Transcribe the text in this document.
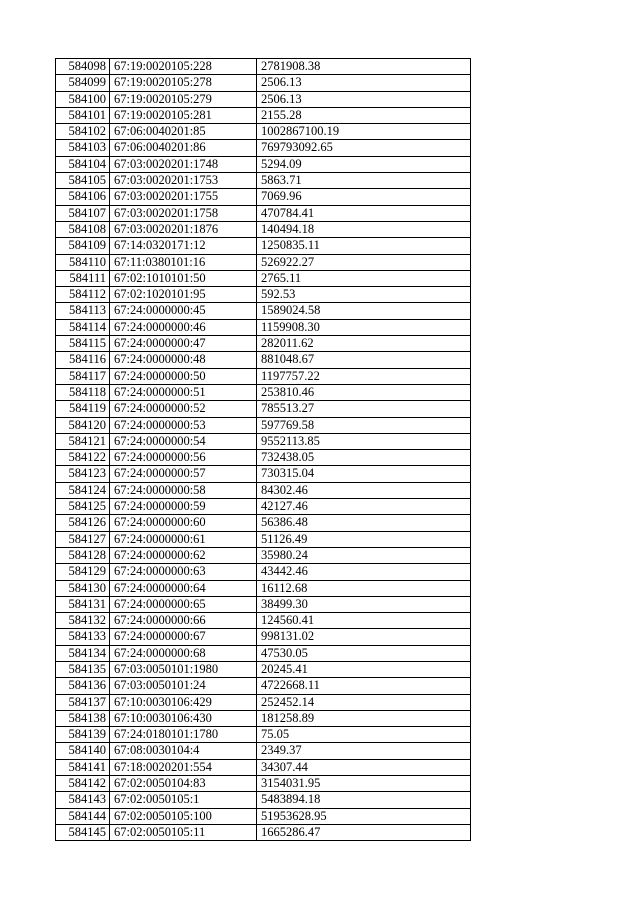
584098	67:19:0020105:228	2781908.38
584099	67:19:0020105:278	2506.13
584100	67:19:0020105:279	2506.13
584101	67:19:0020105:281	2155.28
584102	67:06:0040201:85	1002867100.19
584103	67:06:0040201:86	769793092.65
584104	67:03:0020201:1748	5294.09
584105	67:03:0020201:1753	5863.71
584106	67:03:0020201:1755	7069.96
584107	67:03:0020201:1758	470784.41
584108	67:03:0020201:1876	140494.18
584109	67:14:0320171:12	1250835.11
584110	67:11:0380101:16	526922.27
584111	67:02:1010101:50	2765.11
584112	67:02:1020101:95	592.53
584113	67:24:0000000:45	1589024.58
584114	67:24:0000000:46	1159908.30
584115	67:24:0000000:47	282011.62
584116	67:24:0000000:48	881048.67
584117	67:24:0000000:50	1197757.22
584118	67:24:0000000:51	253810.46
584119	67:24:0000000:52	785513.27
584120	67:24:0000000:53	597769.58
584121	67:24:0000000:54	9552113.85
584122	67:24:0000000:56	732438.05
584123	67:24:0000000:57	730315.04
584124	67:24:0000000:58	84302.46
584125	67:24:0000000:59	42127.46
584126	67:24:0000000:60	56386.48
584127	67:24:0000000:61	51126.49
584128	67:24:0000000:62	35980.24
584129	67:24:0000000:63	43442.46
584130	67:24:0000000:64	16112.68
584131	67:24:0000000:65	38499.30
584132	67:24:0000000:66	124560.41
584133	67:24:0000000:67	998131.02
584134	67:24:0000000:68	47530.05
584135	67:03:0050101:1980	20245.41
584136	67:03:0050101:24	4722668.11
584137	67:10:0030106:429	252452.14
584138	67:10:0030106:430	181258.89
584139	67:24:0180101:1780	75.05
584140	67:08:0030104:4	2349.37
584141	67:18:0020201:554	34307.44
584142	67:02:0050104:83	3154031.95
584143	67:02:0050105:1	5483894.18
584144	67:02:0050105:100	51953628.95
584145	67:02:0050105:11	1665286.47
